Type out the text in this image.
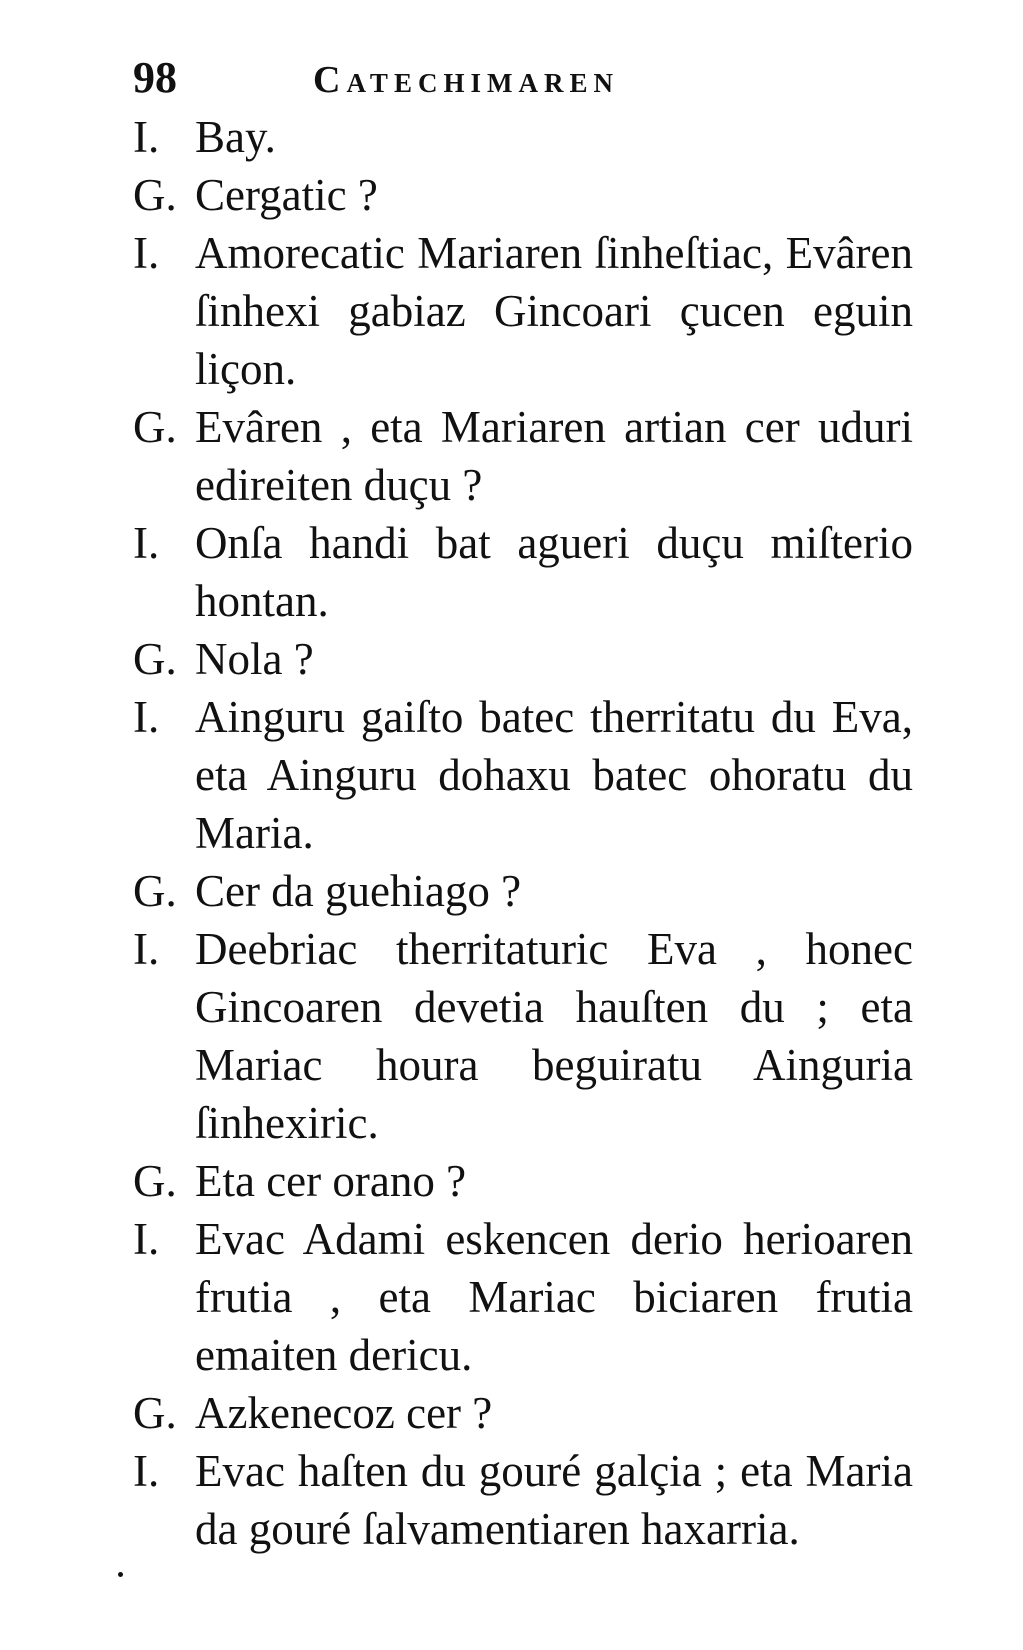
98	Catechimaren
I. Bay.
G. Cergatic ?
I. Amorecatic Mariaren ſinheſtiac, Evâren ſinhexi gabiaz Gincoari çucen eguin liçon.
G. Evâren , eta Mariaren artian cer uduri edireiten duçu ?
I. Onſa handi bat agueri duçu miſterio hontan.
G. Nola ?
I. Ainguru gaiſto batec therritatu du Eva, eta Ainguru dohaxu batec ohoratu du Maria.
G. Cer da guehiago ?
I. Deebriac therritaturic Eva , honec Gincoaren devetia hauſten du ; eta Mariac houra beguiratu Ainguria ſinhexiric.
G. Eta cer orano ?
I. Evac Adami eskencen derio herioaren frutia , eta Mariac biciaren frutia emaiten dericu.
G. Azkenecoz cer ?
I. Evac haſten du gouré galçia ; eta Maria da gouré ſalvamentiaren haxarria.
